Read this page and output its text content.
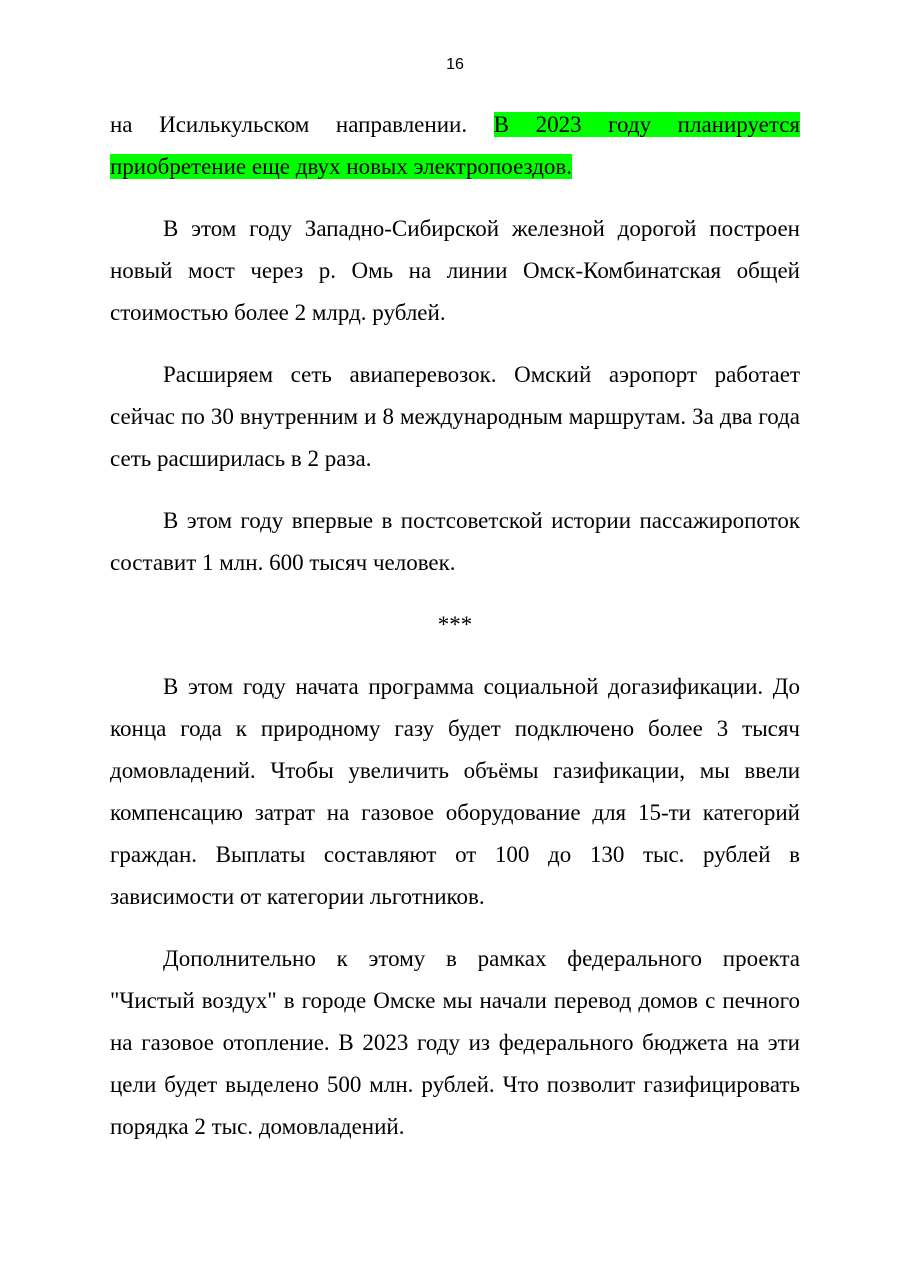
16

на Исилькульском направлении. В 2023 году планируется приобретение еще двух новых электропоездов.

В этом году Западно-Сибирской железной дорогой построен новый мост через р. Омь на линии Омск-Комбинатская общей стоимостью более 2 млрд. рублей.

Расширяем сеть авиаперевозок. Омский аэропорт работает сейчас по 30 внутренним и 8 международным маршрутам. За два года сеть расширилась в 2 раза.

В этом году впервые в постсоветской истории пассажиропоток составит 1 млн. 600 тысяч человек.

***

В этом году начата программа социальной догазификации. До конца года к природному газу будет подключено более 3 тысяч домовладений. Чтобы увеличить объёмы газификации, мы ввели компенсацию затрат на газовое оборудование для 15-ти категорий граждан. Выплаты составляют от 100 до 130 тыс. рублей в зависимости от категории льготников.

Дополнительно к этому в рамках федерального проекта "Чистый воздух" в городе Омске мы начали перевод домов с печного на газовое отопление. В 2023 году из федерального бюджета на эти цели будет выделено 500 млн. рублей. Что позволит газифицировать порядка 2 тыс. домовладений.
